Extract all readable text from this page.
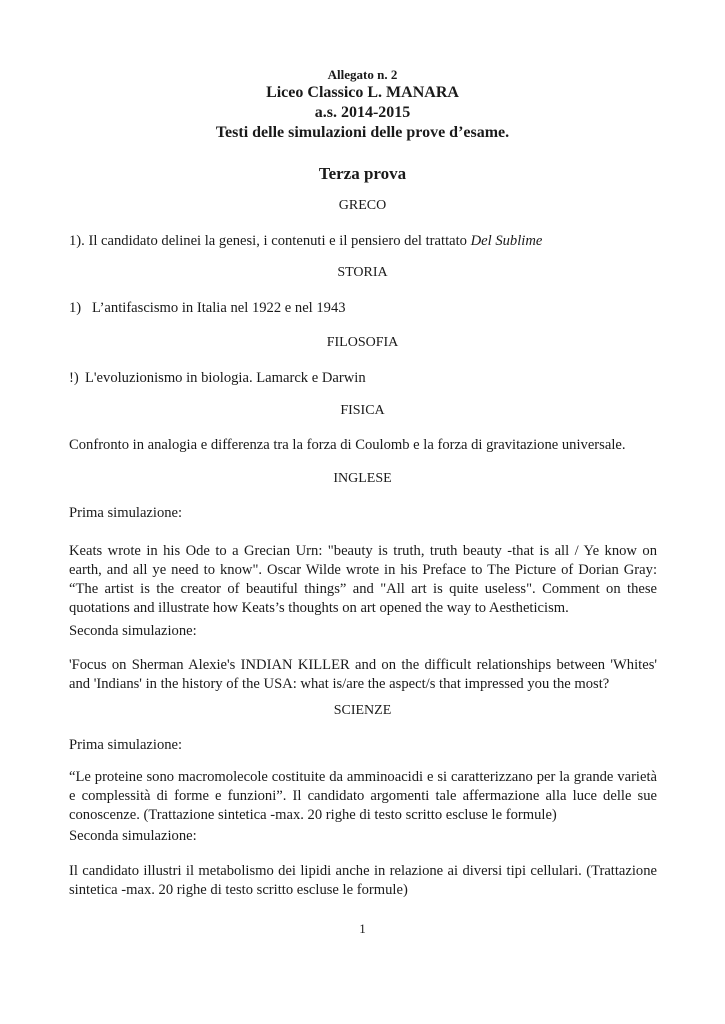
Allegato n. 2
Liceo Classico L. MANARA
a.s. 2014-2015
Testi delle simulazioni delle prove d’esame.
Terza prova
GRECO
1). Il candidato delinei la genesi, i contenuti e il pensiero del trattato Del Sublime
STORIA
1) L’antifascismo in Italia nel 1922 e nel 1943
FILOSOFIA
!) L'evoluzionismo in biologia. Lamarck e Darwin
FISICA
Confronto in analogia e differenza tra la forza di Coulomb e la forza di gravitazione universale.
INGLESE
Prima simulazione:
Keats wrote in his Ode to a Grecian Urn: "beauty is truth, truth beauty -that is all / Ye know on earth, and all ye need to know". Oscar Wilde wrote in his Preface to The Picture of Dorian Gray: “The artist is the creator of beautiful things” and "All art is quite useless". Comment on these quotations and illustrate how Keats’s thoughts on art opened the way to Aestheticism.
Seconda simulazione:
'Focus on Sherman Alexie's INDIAN KILLER and on the difficult relationships between 'Whites' and 'Indians' in the history of the USA: what is/are the aspect/s that impressed you the most?
SCIENZE
Prima simulazione:
“Le proteine sono macromolecole costituite da amminoacidi e si caratterizzano per la grande varietà e complessità di forme e funzioni”. Il candidato argomenti tale affermazione alla luce delle sue conoscenze. (Trattazione sintetica -max. 20 righe di testo scritto escluse le formule)
Seconda simulazione:
Il candidato illustri il metabolismo dei lipidi anche in relazione ai diversi tipi cellulari. (Trattazione sintetica -max. 20 righe di testo scritto escluse le formule)
1
